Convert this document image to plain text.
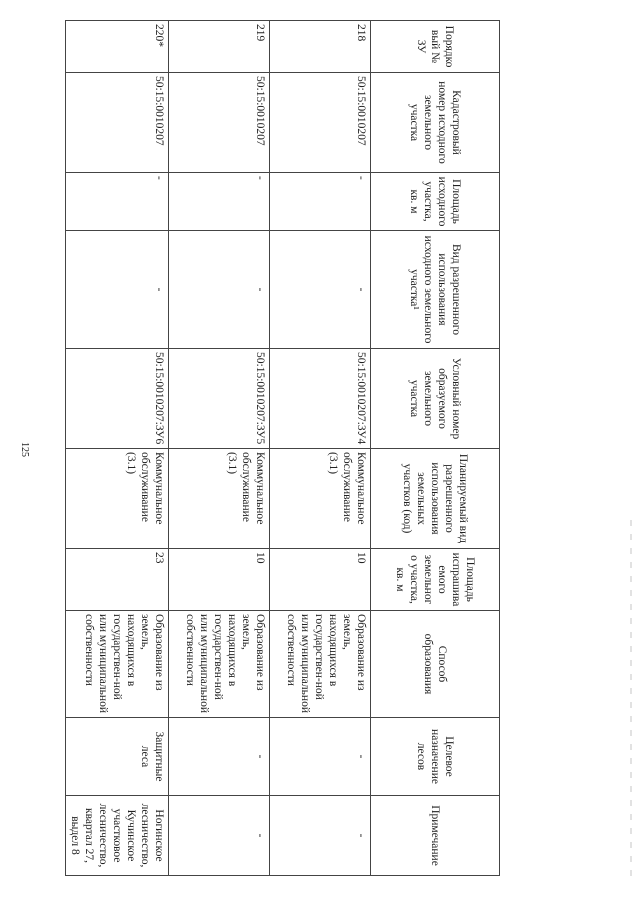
125
Порядковый № ЗУ	Кадастровый номер исходного земельного участка	Площадь исходного участка, кв. м	Вид разрешенного использования исходного земельного участка¹	Условный номер образуемого земельного участка	Планируемый вид разрешенного использования земельных участков (код)	Площадь испрашиваемого земельного участка, кв. м	Способ образования	Целевое назначение лесов	Примечание
218	50:15:0010207	-	-	50:15:0010207:ЗУ4	Коммунальное обслуживание (3.1)	10	Образование из земель, находящихся в государствен-ной или муниципальной собственности	-	-
219	50:15:0010207	-	-	50:15:0010207:ЗУ5	Коммунальное обслуживание (3.1)	10	Образование из земель, находящихся в государствен-ной или муниципальной собственности	-	-
220*	50:15:0010207	-	-	50:15:0010207:ЗУ6	Коммунальное обслуживание (3.1)	23	Образование из земель, находящихся в государствен-ной или муниципальной собственности	Защитные леса	Ногинское лесничество, Кучинское участковое лесничество, квартал 27, выдел 8
